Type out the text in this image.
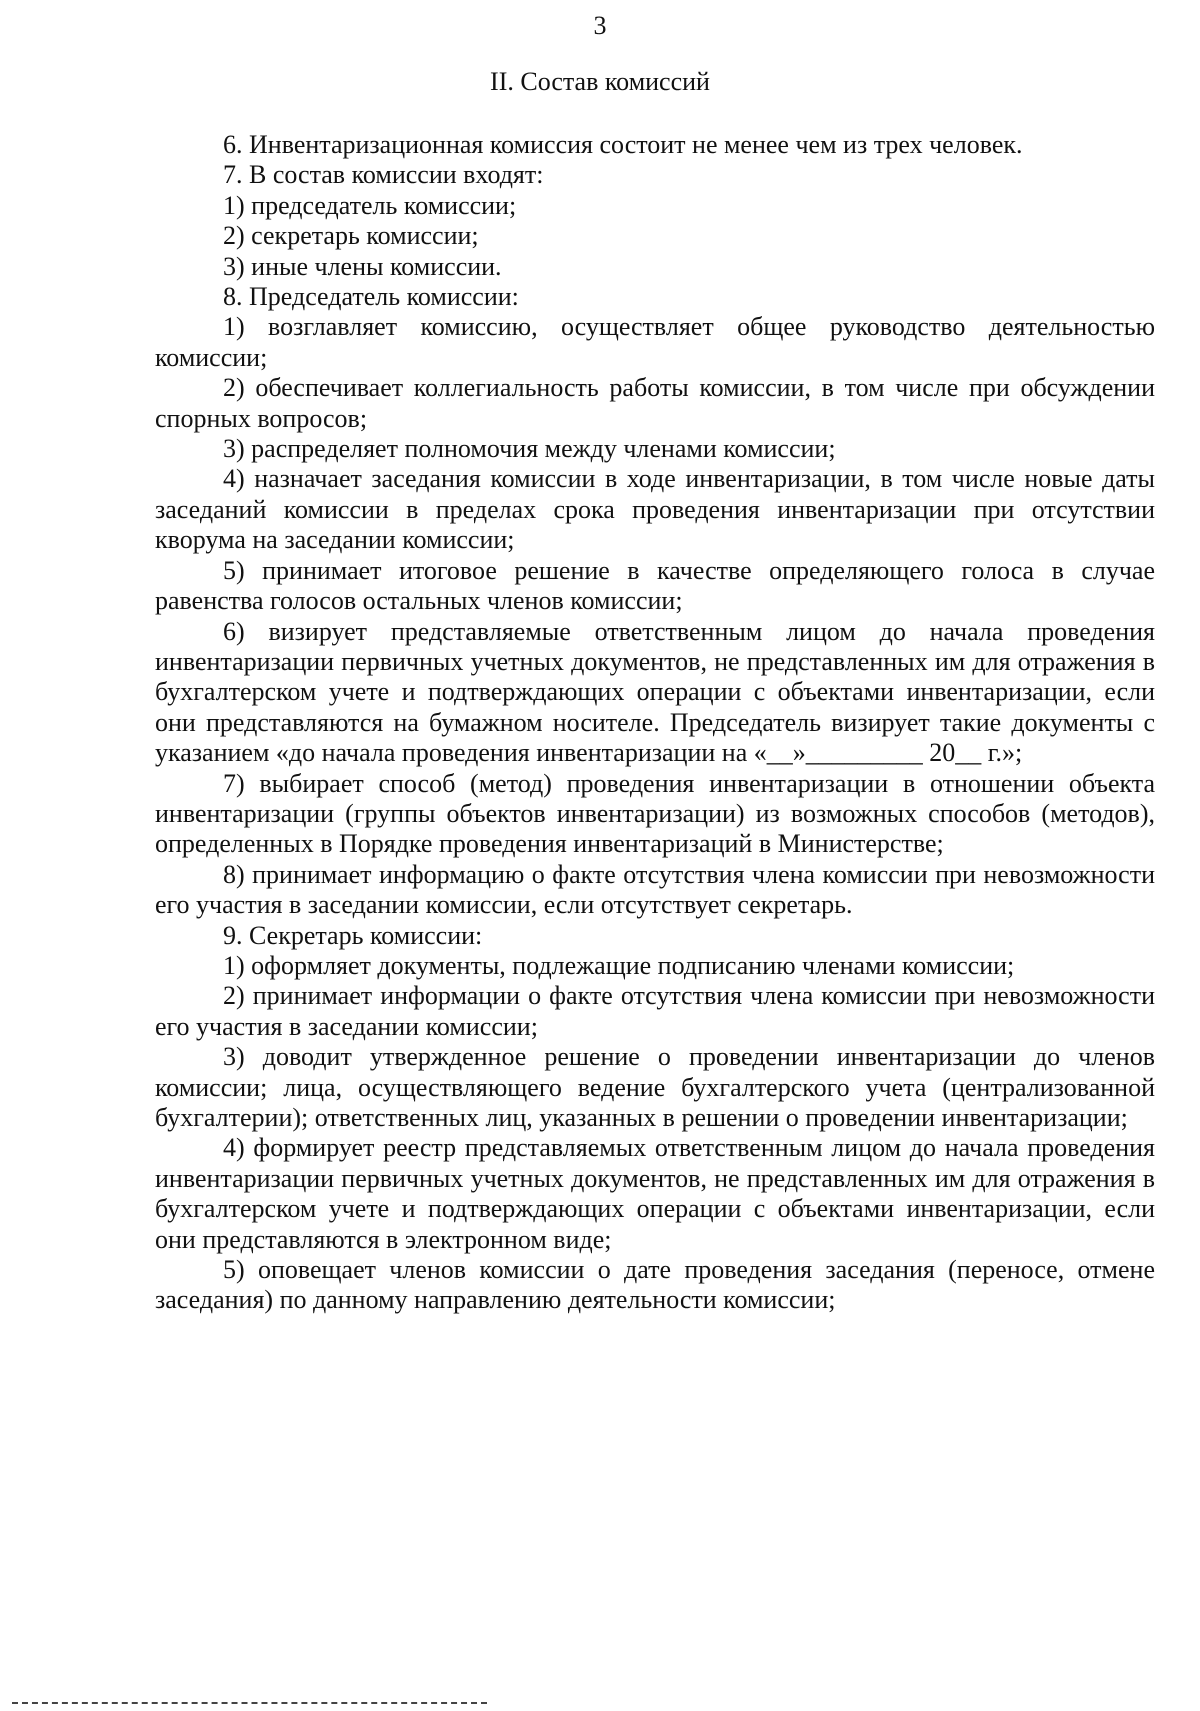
3
II. Состав комиссий

6. Инвентаризационная комиссия состоит не менее чем из трех человек.

7. В состав комиссии входят:

1) председатель комиссии;

2) секретарь комиссии;

3) иные члены комиссии.

8. Председатель комиссии:

1) возглавляет комиссию, осуществляет общее руководство деятельностью комиссии;

2) обеспечивает коллегиальность работы комиссии, в том числе при обсуждении спорных вопросов;

3) распределяет полномочия между членами комиссии;

4) назначает заседания комиссии в ходе инвентаризации, в том числе новые даты заседаний комиссии в пределах срока проведения инвентаризации при отсутствии кворума на заседании комиссии;

5) принимает итоговое решение в качестве определяющего голоса в случае равенства голосов остальных членов комиссии;

6) визирует представляемые ответственным лицом до начала проведения инвентаризации первичных учетных документов, не представленных им для отражения в бухгалтерском учете и подтверждающих операции с объектами инвентаризации, если они представляются на бумажном носителе. Председатель визирует такие документы с указанием «до начала проведения инвентаризации на «__»_________ 20__ г.»;

7) выбирает способ (метод) проведения инвентаризации в отношении объекта инвентаризации (группы объектов инвентаризации) из возможных способов (методов), определенных в Порядке проведения инвентаризаций в Министерстве;

8) принимает информацию о факте отсутствия члена комиссии при невозможности его участия в заседании комиссии, если отсутствует секретарь.

9. Секретарь комиссии:

1) оформляет документы, подлежащие подписанию членами комиссии;

2) принимает информации о факте отсутствия члена комиссии при невозможности его участия в заседании комиссии;

3) доводит утвержденное решение о проведении инвентаризации до членов комиссии; лица, осуществляющего ведение бухгалтерского учета (централизованной бухгалтерии); ответственных лиц, указанных в решении о проведении инвентаризации;

4) формирует реестр представляемых ответственным лицом до начала проведения инвентаризации первичных учетных документов, не представленных им для отражения в бухгалтерском учете и подтверждающих операции с объектами инвентаризации, если они представляются в электронном виде;

5) оповещает членов комиссии о дате проведения заседания (переносе, отмене заседания) по данному направлению деятельности комиссии;
